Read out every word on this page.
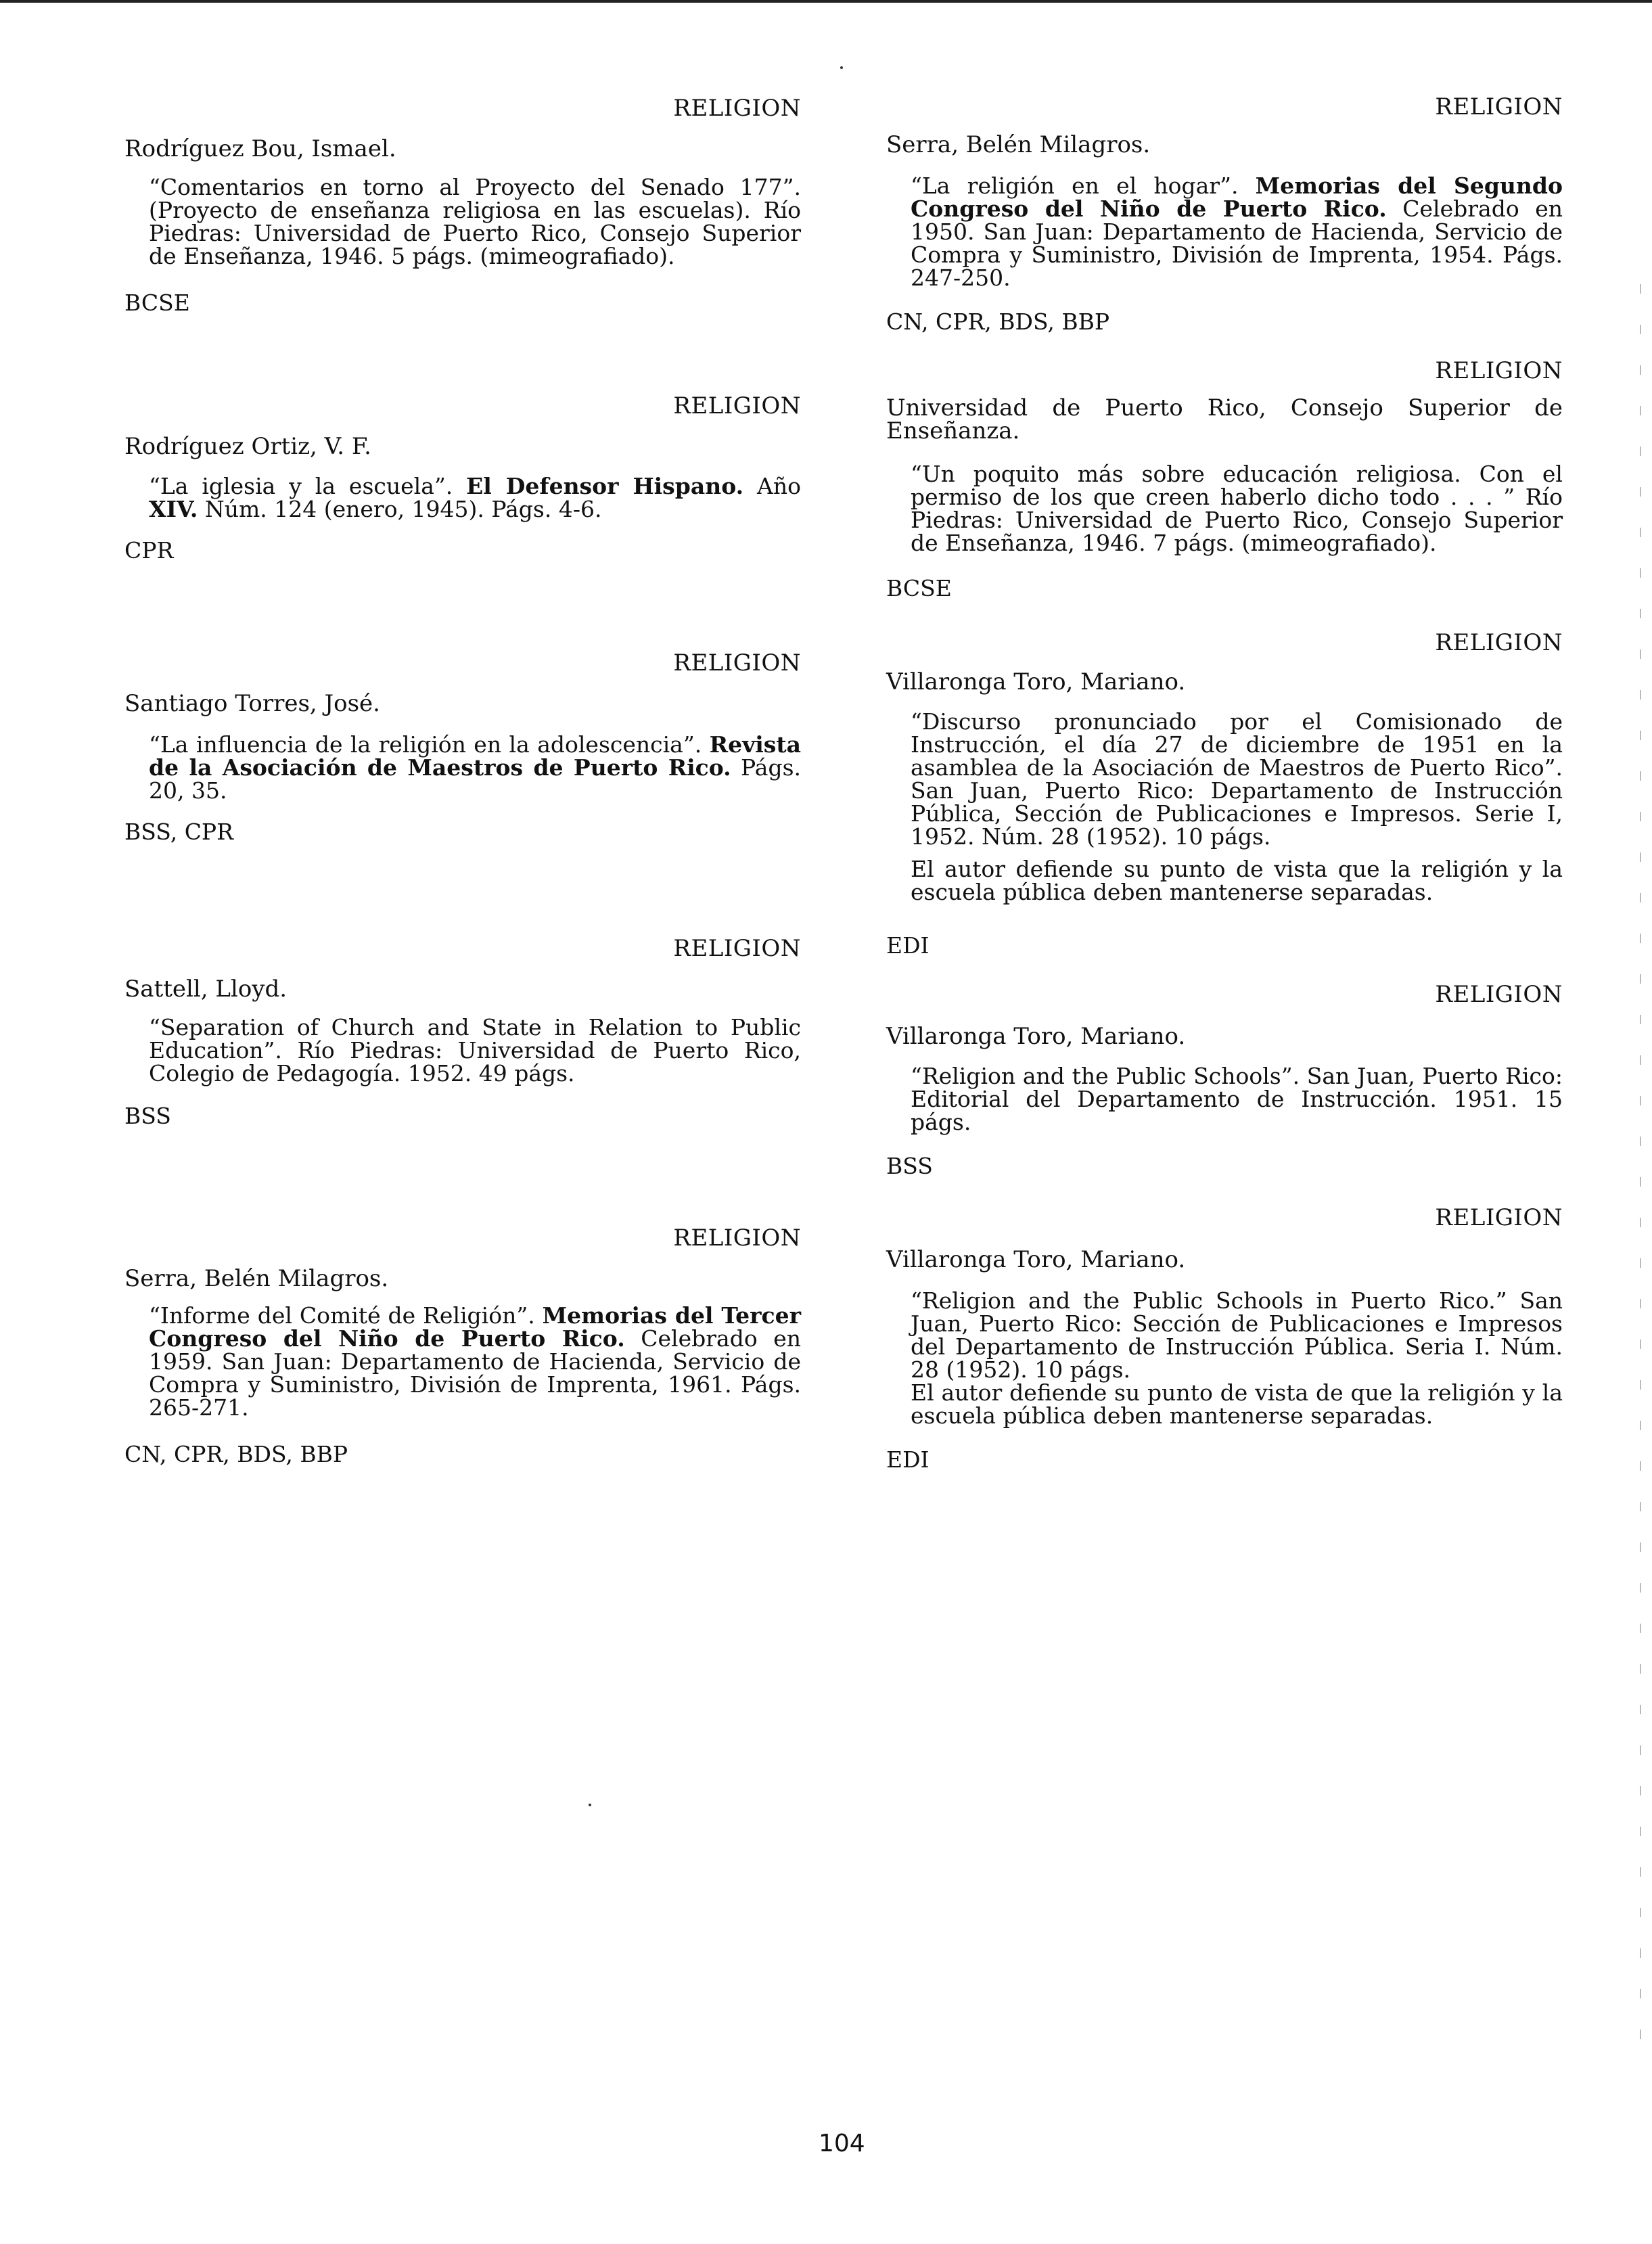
RELIGION
Rodríguez Bou, Ismael.

“Comentarios en torno al Proyecto del Senado 177”. (Proyecto de enseñanza religiosa en las escuelas). Río Piedras: Universidad de Puerto Rico, Consejo Superior de Enseñanza, 1946. 5 págs. (mimeografiado).

BCSE
RELIGION
Rodríguez Ortiz, V. F.

“La iglesia y la escuela”. El Defensor Hispano. Año XIV. Núm. 124 (enero, 1945). Págs. 4-6.

CPR
RELIGION
Santiago Torres, José.

“La influencia de la religión en la adolescencia”. Revista de la Asociación de Maestros de Puerto Rico. Págs. 20, 35.

BSS, CPR
RELIGION
Sattell, Lloyd.

“Separation of Church and State in Relation to Public Education”. Río Piedras: Universidad de Puerto Rico, Colegio de Pedagogía. 1952. 49 págs.

BSS
RELIGION
Serra, Belén Milagros.

“Informe del Comité de Religión”. Memorias del Tercer Congreso del Niño de Puerto Rico. Celebrado en 1959. San Juan: Departamento de Hacienda, Servicio de Compra y Suministro, División de Imprenta, 1961. Págs. 265-271.

CN, CPR, BDS, BBP
RELIGION
Serra, Belén Milagros.

“La religión en el hogar”. Memorias del Segundo Congreso del Niño de Puerto Rico. Celebrado en 1950. San Juan: Departamento de Hacienda, Servicio de Compra y Suministro, División de Imprenta, 1954. Págs. 247-250.

CN, CPR, BDS, BBP
RELIGION
Universidad de Puerto Rico, Consejo Superior de Enseñanza.

“Un poquito más sobre educación religiosa. Con el permiso de los que creen haberlo dicho todo . . . ” Río Piedras: Universidad de Puerto Rico, Consejo Superior de Enseñanza, 1946. 7 págs. (mimeografiado).

BCSE
RELIGION
Villaronga Toro, Mariano.

“Discurso pronunciado por el Comisionado de Instrucción, el día 27 de diciembre de 1951 en la asamblea de la Asociación de Maestros de Puerto Rico”. San Juan, Puerto Rico: Departamento de Instrucción Pública, Sección de Publicaciones e Impresos. Serie I, 1952. Núm. 28 (1952). 10 págs.

El autor defiende su punto de vista que la religión y la escuela pública deben mantenerse separadas.

EDI
RELIGION
Villaronga Toro, Mariano.

“Religion and the Public Schools”. San Juan, Puerto Rico: Editorial del Departamento de Instrucción. 1951. 15 págs.

BSS
RELIGION
Villaronga Toro, Mariano.

“Religion and the Public Schools in Puerto Rico.” San Juan, Puerto Rico: Sección de Publicaciones e Impresos del Departamento de Instrucción Pública. Seria I. Núm. 28 (1952). 10 págs.

El autor defiende su punto de vista de que la religión y la escuela pública deben mantenerse separadas.

EDI
104
